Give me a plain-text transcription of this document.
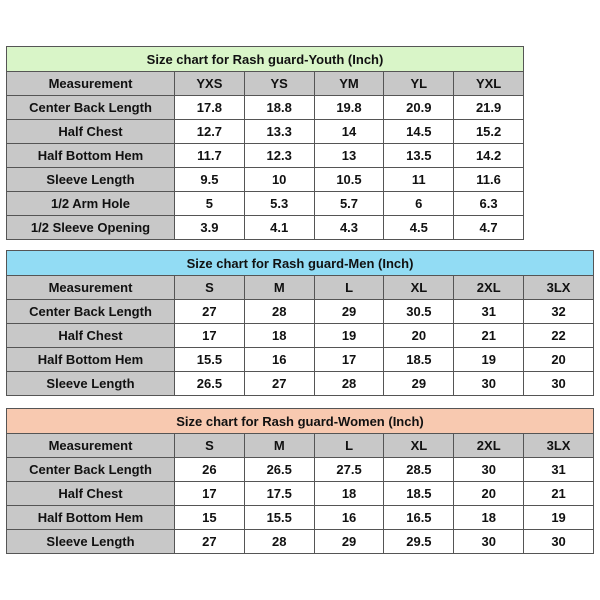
Size chart for Rash guard-Youth (Inch)					
Measurement	YXS	YS	YM	YL	YXL
Center Back Length	17.8	18.8	19.8	20.9	21.9
Half Chest	12.7	13.3	14	14.5	15.2
Half Bottom Hem	11.7	12.3	13	13.5	14.2
Sleeve Length	9.5	10	10.5	11	11.6
1/2 Arm Hole	5	5.3	5.7	6	6.3
1/2 Sleeve Opening	3.9	4.1	4.3	4.5	4.7
Size chart for Rash guard-Men (Inch)						
Measurement	S	M	L	XL	2XL	3LX
Center Back Length	27	28	29	30.5	31	32
Half Chest	17	18	19	20	21	22
Half Bottom Hem	15.5	16	17	18.5	19	20
Sleeve Length	26.5	27	28	29	30	30
Size chart for Rash guard-Women (Inch)						
Measurement	S	M	L	XL	2XL	3LX
Center Back Length	26	26.5	27.5	28.5	30	31
Half Chest	17	17.5	18	18.5	20	21
Half Bottom Hem	15	15.5	16	16.5	18	19
Sleeve Length	27	28	29	29.5	30	30
